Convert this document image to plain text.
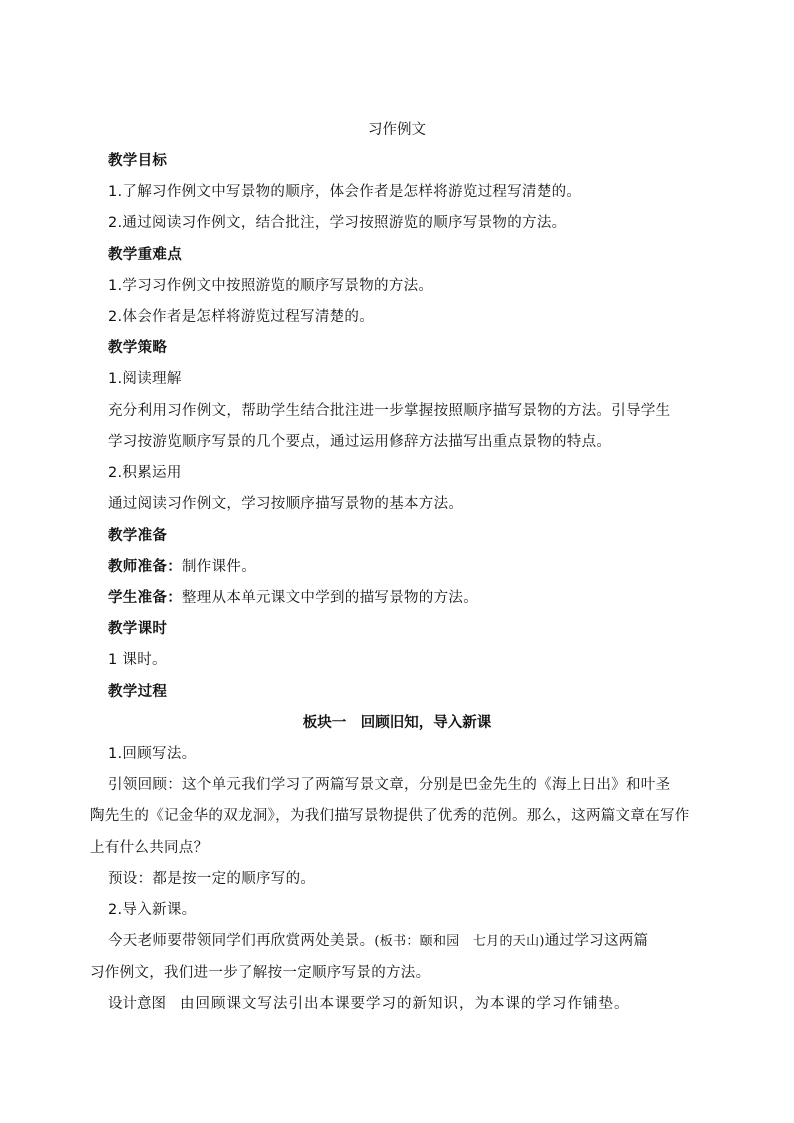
习作例文
教学目标
1.了解习作例文中写景物的顺序，体会作者是怎样将游览过程写清楚的。
2.通过阅读习作例文，结合批注，学习按照游览的顺序写景物的方法。
教学重难点
1.学习习作例文中按照游览的顺序写景物的方法。
2.体会作者是怎样将游览过程写清楚的。
教学策略
1.阅读理解
充分利用习作例文，帮助学生结合批注进一步掌握按照顺序描写景物的方法。引导学生
学习按游览顺序写景的几个要点，通过运用修辞方法描写出重点景物的特点。
2.积累运用
通过阅读习作例文，学习按顺序描写景物的基本方法。
教学准备
教师准备：制作课件。
学生准备：整理从本单元课文中学到的描写景物的方法。
教学课时
1 课时。
教学过程
板块一　回顾旧知，导入新课
1.回顾写法。
引领回顾：这个单元我们学习了两篇写景文章，分别是巴金先生的《海上日出》和叶圣
陶先生的《记金华的双龙洞》，为我们描写景物提供了优秀的范例。那么，这两篇文章在写作
上有什么共同点？
预设：都是按一定的顺序写的。
2.导入新课。
今天老师要带领同学们再欣赏两处美景。(板书：颐和园　七月的天山)通过学习这两篇
习作例文，我们进一步了解按一定顺序写景的方法。
设计意图 由回顾课文写法引出本课要学习的新知识，为本课的学习作铺垫。
